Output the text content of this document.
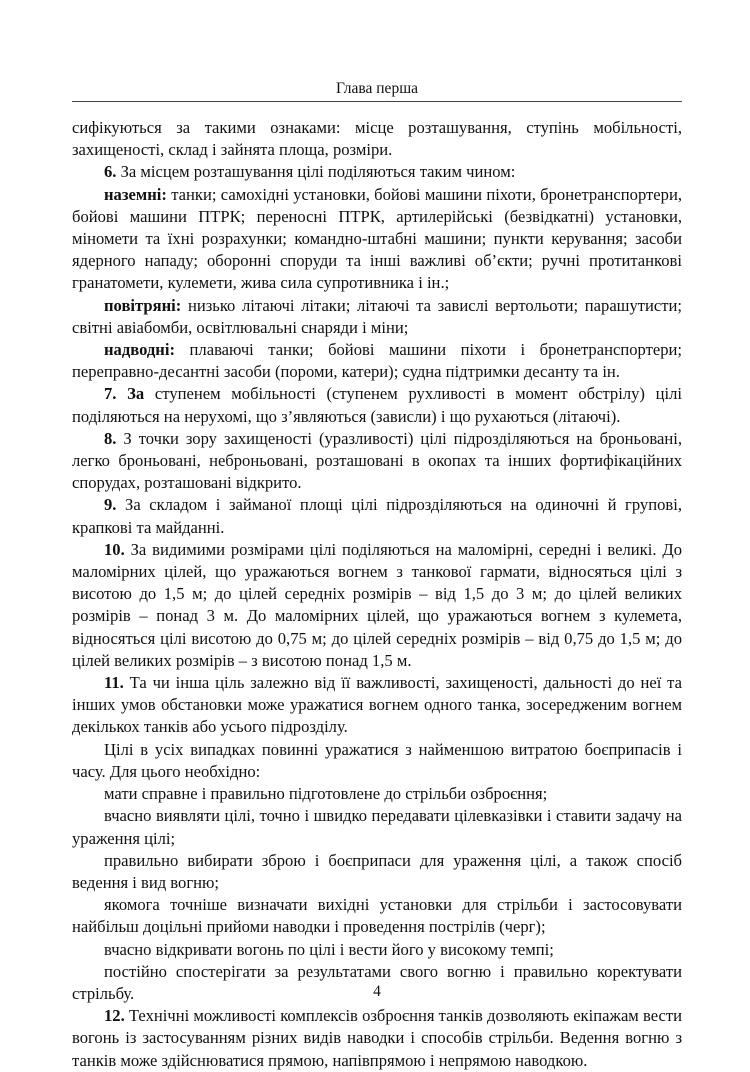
Глава перша

сифікуються за такими ознаками: місце розташування, ступінь мобільності, захищеності, склад і зайнята площа, розміри.

6. За місцем розташування цілі поділяються таким чином:

наземні: танки; самохідні установки, бойові машини піхоти, бронетранспортери, бойові машини ПТРК; переносні ПТРК, артилерійські (безвідкатні) установки, міномети та їхні розрахунки; командно-штабні машини; пункти керування; засоби ядерного нападу; оборонні споруди та інші важливі об’єкти; ручні протитанкові гранатомети, кулемети, жива сила супротивника і ін.;

повітряні: низько літаючі літаки; літаючі та завислі вертольоти; парашутисти; світні авіабомби, освітлювальні снаряди і міни;

надводні: плаваючі танки; бойові машини піхоти і бронетранспортери; переправно-десантні засоби (пороми, катери); судна підтримки десанту та ін.

7. За ступенем мобільності (ступенем рухливості в момент обстрілу) цілі поділяються на нерухомі, що з’являються (зависли) і що рухаються (літаючі).

8. З точки зору захищеності (уразливості) цілі підрозділяються на броньовані, легко броньовані, неброньовані, розташовані в окопах та інших фортифікаційних спорудах, розташовані відкрито.

9. За складом і займаної площі цілі підрозділяються на одиночні й групові, крапкові та майданні.

10. За видимими розмірами цілі поділяються на маломірні, середні і великі. До маломірних цілей, що уражаються вогнем з танкової гармати, відносяться цілі з висотою до 1,5 м; до цілей середніх розмірів – від 1,5 до 3 м; до цілей великих розмірів – понад 3 м. До маломірних цілей, що уражаються вогнем з кулемета, відносяться цілі висотою до 0,75 м; до цілей середніх розмірів – від 0,75 до 1,5 м; до цілей великих розмірів – з висотою понад 1,5 м.

11. Та чи інша ціль залежно від її важливості, захищеності, дальності до неї та інших умов обстановки може уражатися вогнем одного танка, зосередженим вогнем декількох танків або усього підрозділу.

Цілі в усіх випадках повинні уражатися з найменшою витратою боєприпасів і часу. Для цього необхідно:

мати справне і правильно підготовлене до стрільби озброєння;

вчасно виявляти цілі, точно і швидко передавати цілевказівки і ставити задачу на ураження цілі;

правильно вибирати зброю і боєприпаси для ураження цілі, а також спосіб ведення і вид вогню;

якомога точніше визначати вихідні установки для стрільби і застосовувати найбільш доцільні прийоми наводки і проведення пострілів (черг);

вчасно відкривати вогонь по цілі і вести його у високому темпі;

постійно спостерігати за результатами свого вогню і правильно коректувати стрільбу.

12. Технічні можливості комплексів озброєння танків дозволяють екіпажам вести вогонь із застосуванням різних видів наводки і способів стрільби. Ведення вогню з танків може здійснюватися прямою, напівпрямою і непрямою наводкою.

4
